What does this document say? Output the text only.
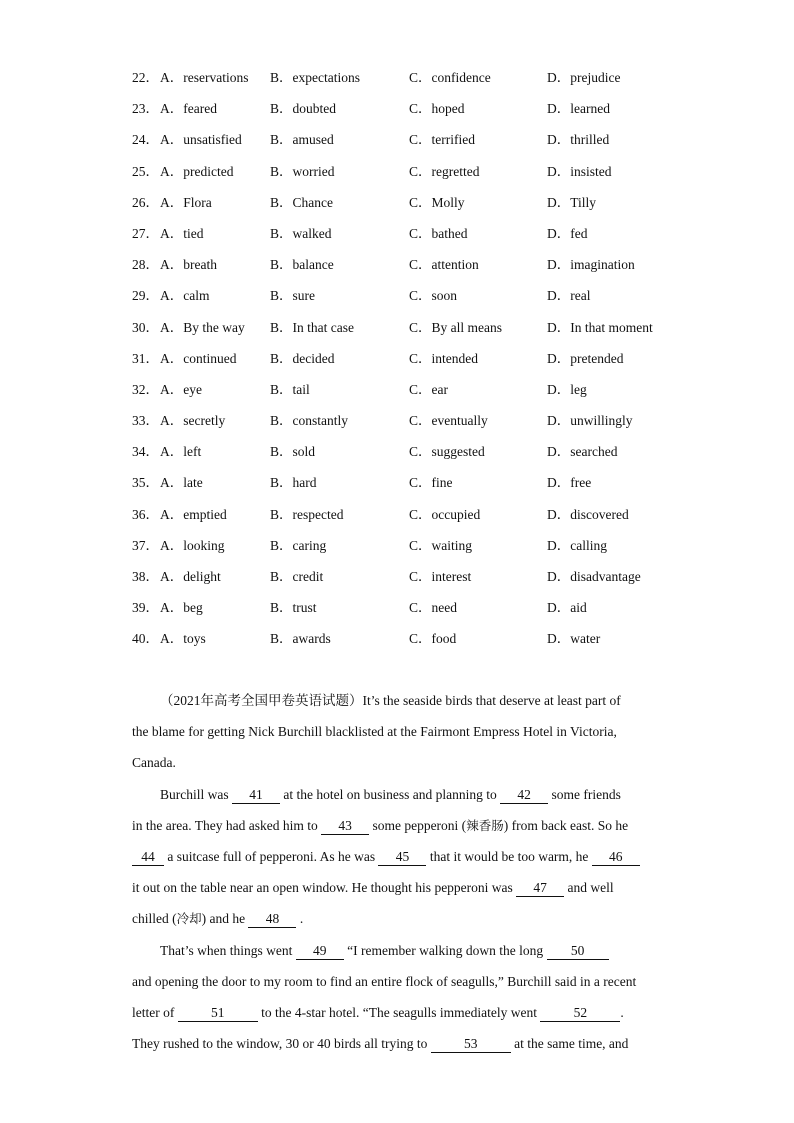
22． A．reservations B．expectations	C．confidence	D．prejudice
23． A．feared	B．doubted	C．hoped	D．learned
24． A．unsatisfied B．amused	C．terrified	D．thrilled
25． A．predicted	B．worried	C．regretted	D．insisted
26． A．Flora	B．Chance	C．Molly	D．Tilly
27． A．tied	B．walked	C．bathed	D．fed
28． A．breath	B．balance	C．attention	D．imagination
29． A．calm	B．sure	C．soon	D．real
30． A．By the way B．In that case	C．By all means	D．In that moment
31． A．continued B．decided	C．intended	D．pretended
32． A．eye	B．tail	C．ear	D．leg
33． A．secretly	B．constantly	C．eventually	D．unwillingly
34． A．left	B．sold	C．suggested	D．searched
35． A．late	B．hard	C．fine	D．free
36． A．emptied	B．respected	C．occupied	D．discovered
37． A．looking	B．caring	C．waiting	D．calling
38． A．delight	B．credit	C．interest	D．disadvantage
39． A．beg	B．trust	C．need	D．aid
40． A．toys	B．awards	C．food	D．water
（2021年高考全国甲卷英语试题）It’s the seaside birds that deserve at least part of
the blame for getting Nick Burchill blacklisted at the Fairmont Empress Hotel in Victoria,
Canada.
Burchill was 41 at the hotel on business and planning to 42 some friends
in the area. They had asked him to 43 some pepperoni (辣香肠) from back east. So he
44 a suitcase full of pepperoni. As he was 45 that it would be too warm, he 46
it out on the table near an open window. He thought his pepperoni was 47 and well
chilled (冷却) and he 48 .
That’s when things went 49 “I remember walking down the long 50
and opening the door to my room to find an entire flock of seagulls,” Burchill said in a recent
letter of	51	to the 4-star hotel. “The seagulls immediately went	52 .
They rushed to the window, 30 or 40 birds all trying to	53	at the same time, and
